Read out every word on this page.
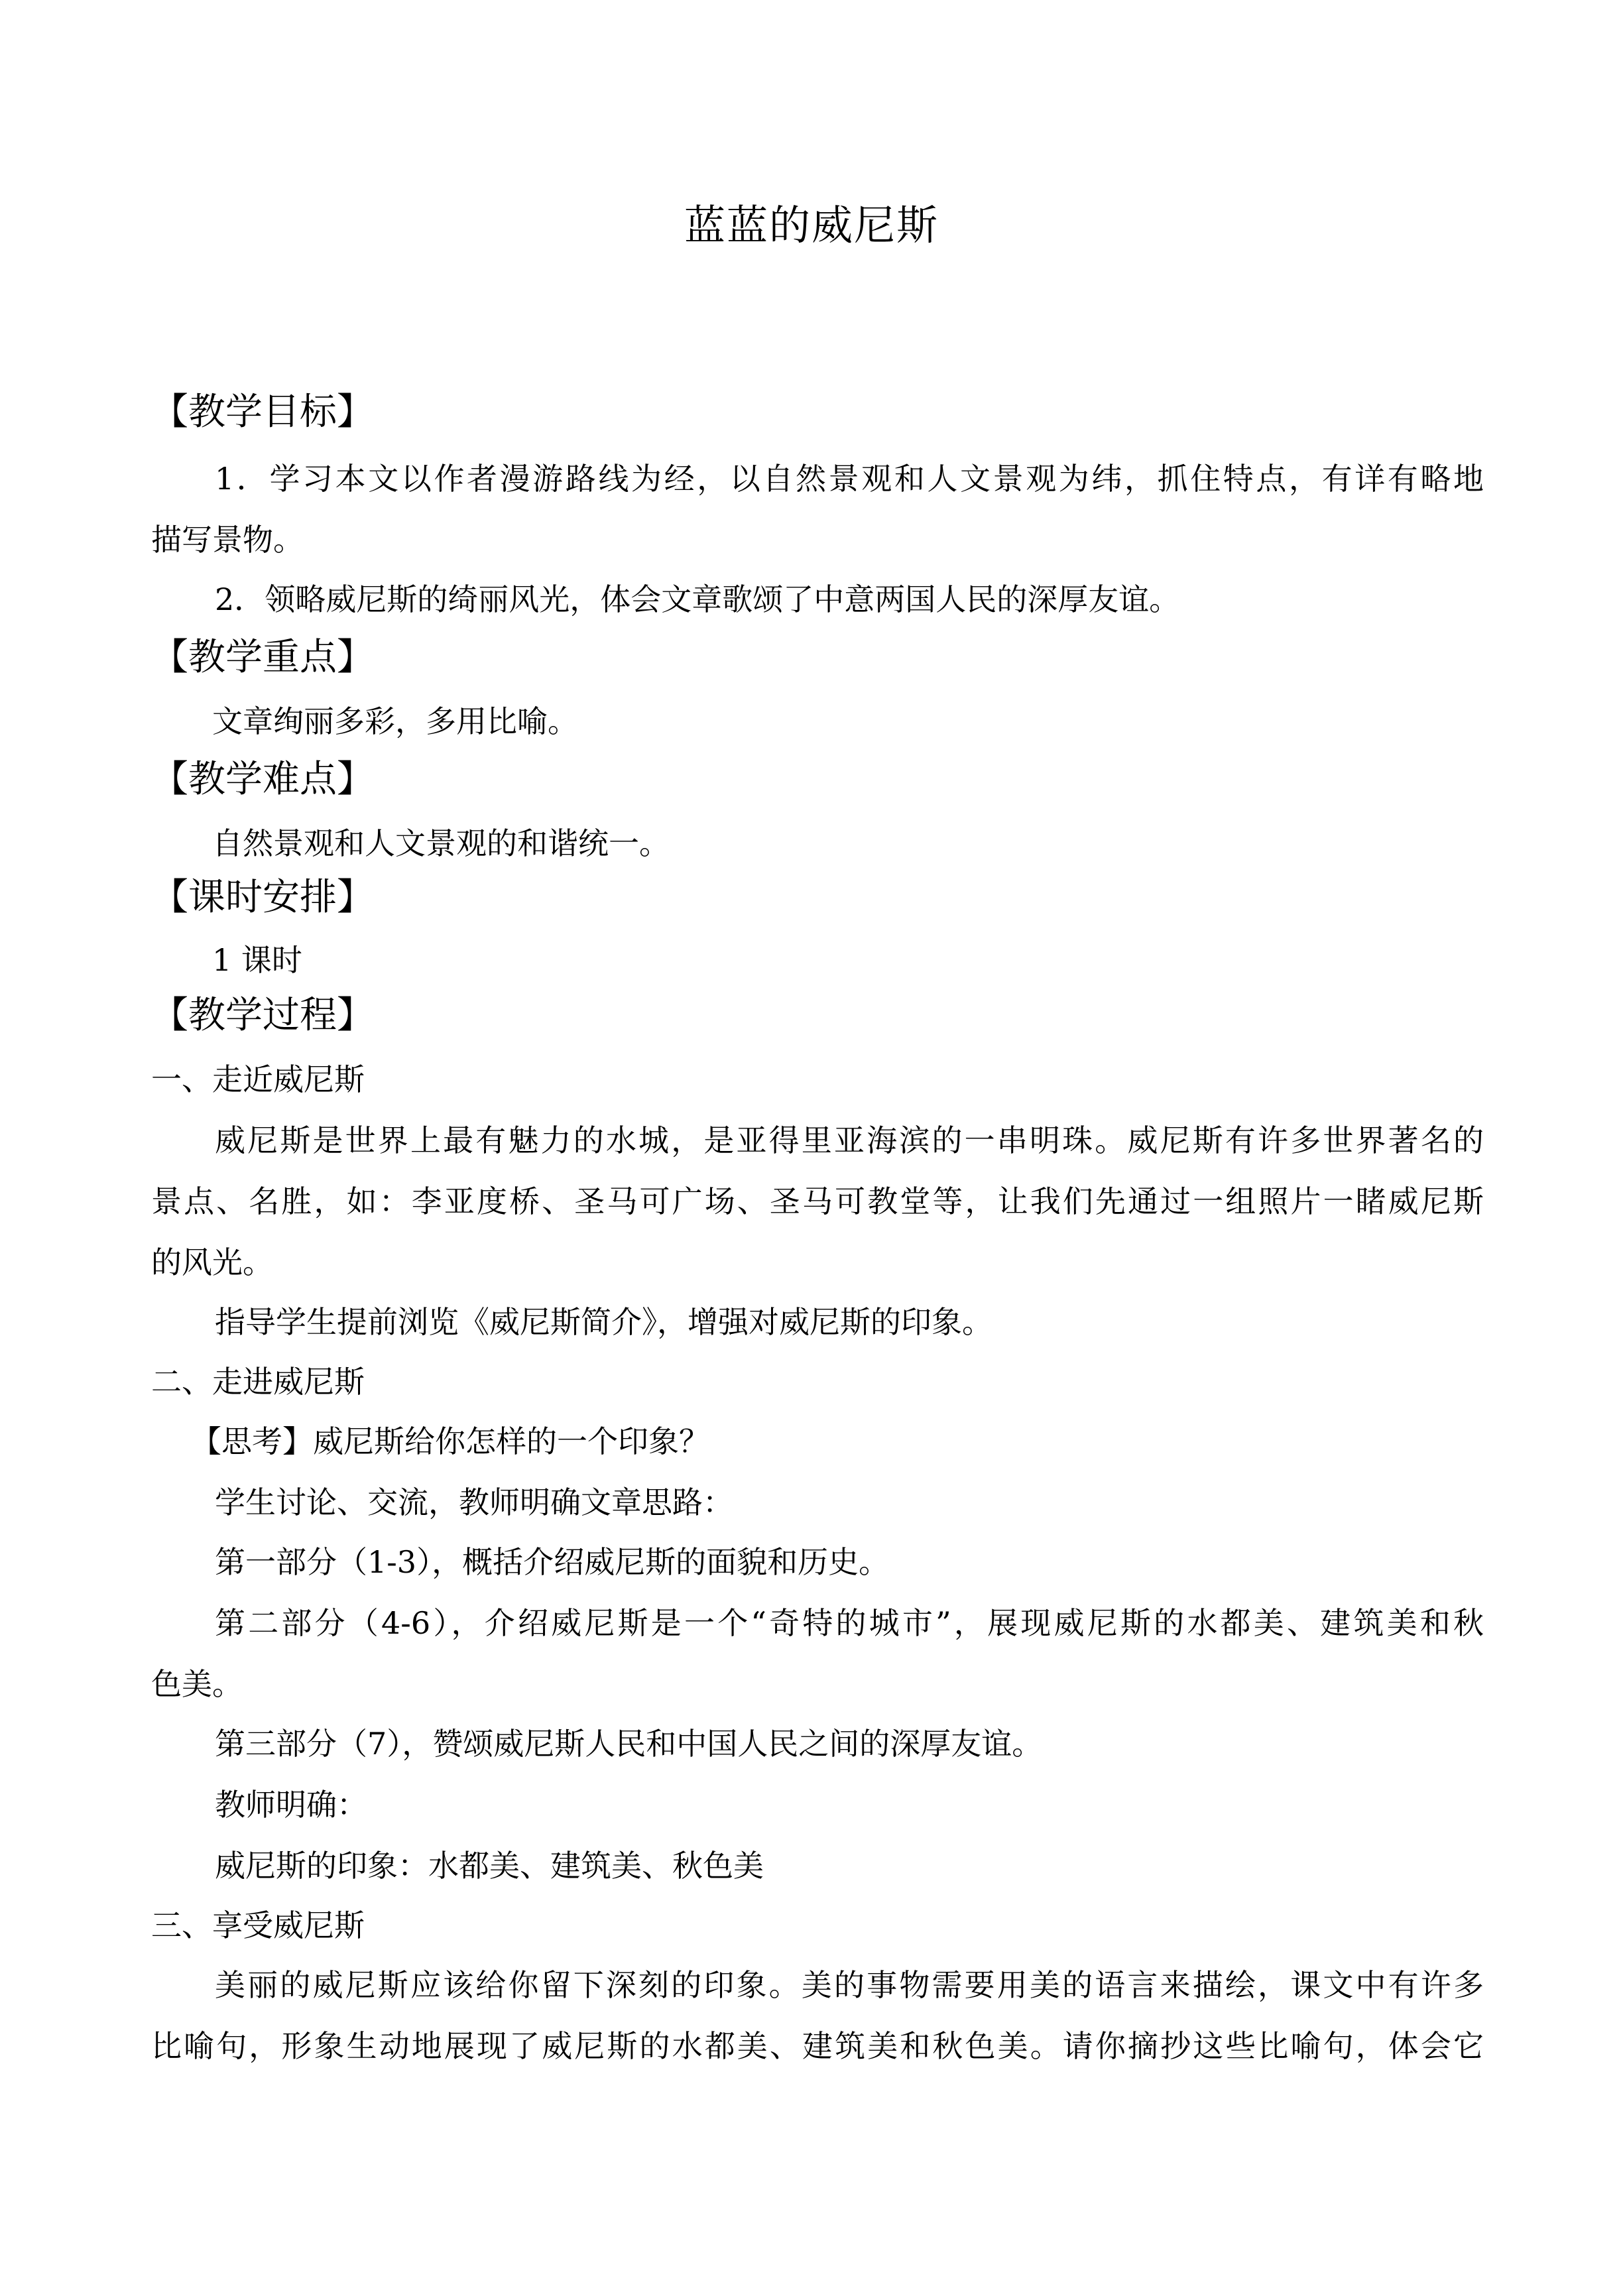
蓝蓝的威尼斯
【教学目标】
1．学习本文以作者漫游路线为经，以自然景观和人文景观为纬，抓住特点，有详有略地
描写景物。
2．领略威尼斯的绮丽风光，体会文章歌颂了中意两国人民的深厚友谊。
【教学重点】
文章绚丽多彩，多用比喻。
【教学难点】
自然景观和人文景观的和谐统一。
【课时安排】
1 课时
【教学过程】
一、走近威尼斯
威尼斯是世界上最有魅力的水城，是亚得里亚海滨的一串明珠。威尼斯有许多世界著名的
景点、名胜，如：李亚度桥、圣马可广场、圣马可教堂等，让我们先通过一组照片一睹威尼斯
的风光。
指导学生提前浏览《威尼斯简介》，增强对威尼斯的印象。
二、走进威尼斯
【思考】威尼斯给你怎样的一个印象？
学生讨论、交流，教师明确文章思路：
第一部分（1-3），概括介绍威尼斯的面貌和历史。
第二部分（4-6），介绍威尼斯是一个“奇特的城市”，展现威尼斯的水都美、建筑美和秋
色美。
第三部分（7），赞颂威尼斯人民和中国人民之间的深厚友谊。
教师明确：
威尼斯的印象：水都美、建筑美、秋色美
三、享受威尼斯
美丽的威尼斯应该给你留下深刻的印象。美的事物需要用美的语言来描绘，课文中有许多
比喻句，形象生动地展现了威尼斯的水都美、建筑美和秋色美。请你摘抄这些比喻句，体会它
